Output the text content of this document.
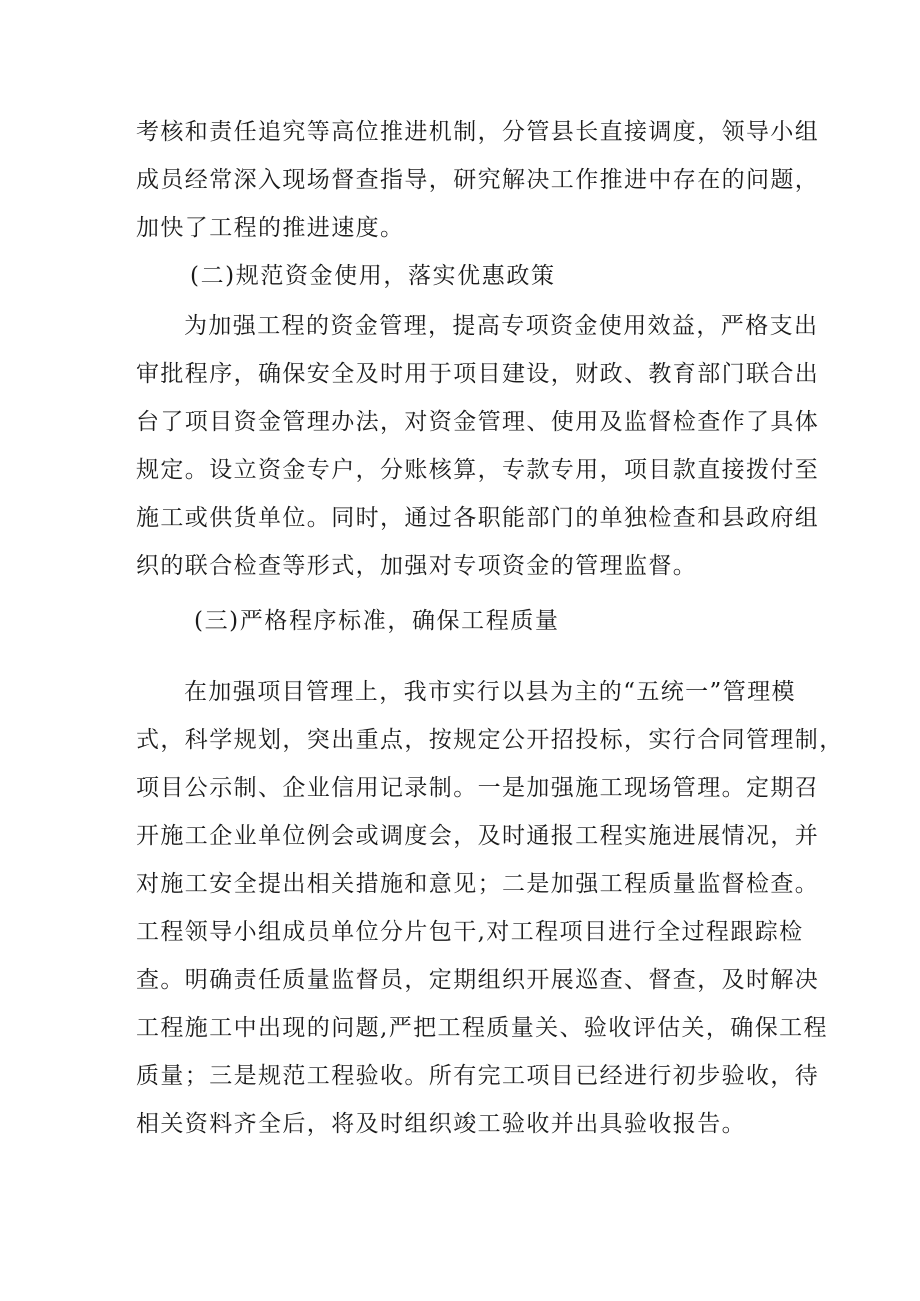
考核和责任追究等高位推进机制，分管县长直接调度，领导小组
成员经常深入现场督查指导，研究解决工作推进中存在的问题，
加快了工程的推进速度。
(二)规范资金使用，落实优惠政策
为加强工程的资金管理，提高专项资金使用效益，严格支出
审批程序，确保安全及时用于项目建设，财政、教育部门联合出
台了项目资金管理办法，对资金管理、使用及监督检查作了具体
规定。设立资金专户，分账核算，专款专用，项目款直接拨付至
施工或供货单位。同时，通过各职能部门的单独检查和县政府组
织的联合检查等形式，加强对专项资金的管理监督。
(三)严格程序标准，确保工程质量
在加强项目管理上，我市实行以县为主的“五统一”管理模
式，科学规划，突出重点，按规定公开招投标，实行合同管理制，
项目公示制、企业信用记录制。一是加强施工现场管理。定期召
开施工企业单位例会或调度会，及时通报工程实施进展情况，并
对施工安全提出相关措施和意见；二是加强工程质量监督检查。
工程领导小组成员单位分片包干,对工程项目进行全过程跟踪检
查。明确责任质量监督员，定期组织开展巡查、督查，及时解决
工程施工中出现的问题,严把工程质量关、验收评估关，确保工程
质量；三是规范工程验收。所有完工项目已经进行初步验收，待
相关资料齐全后，将及时组织竣工验收并出具验收报告。
